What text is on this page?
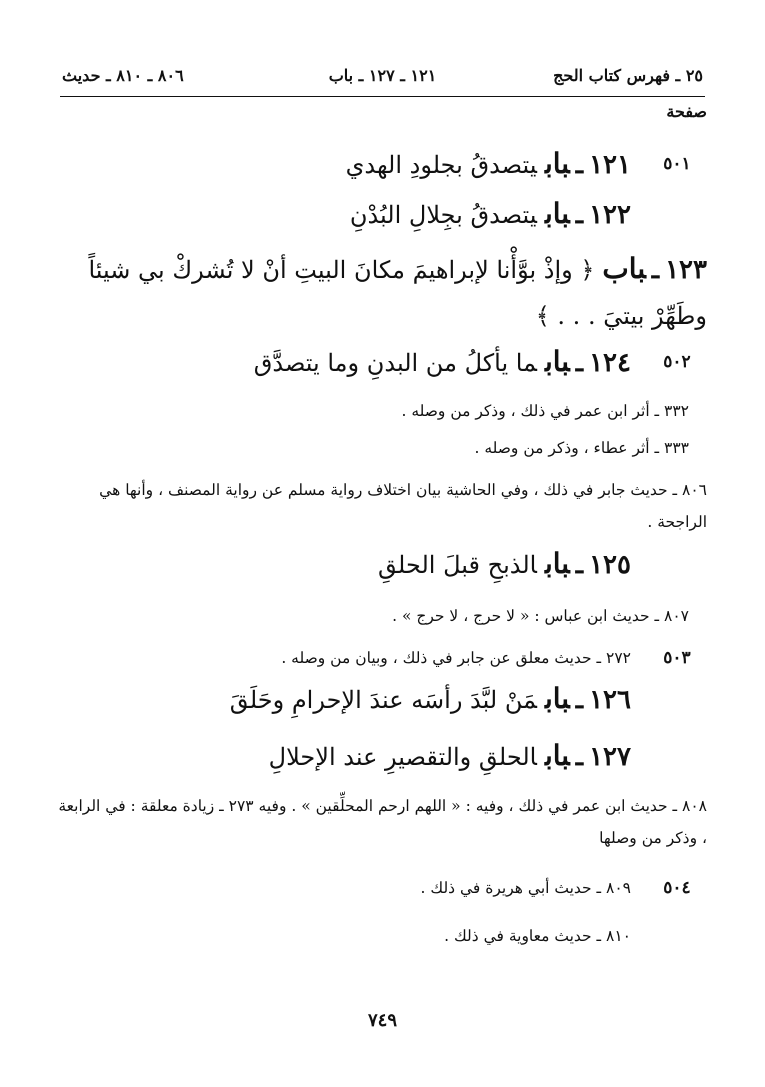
٢٥ ـ فهرس كتاب الحج
١٢١ ـ ١٢٧ ـ باب
٨٠٦ ـ ٨١٠ ـ حديث
صفحة
٥٠١
١٢١ـبابيتصدقُ بجلودِ الهدي
١٢٢ـبابيتصدقُ بجِلالِ البُدْنِ
١٢٣ـباب﴿ وإذْ بوَّأْنا لإبراهيمَ مكانَ البيتِ أنْ لا تُشركْ بي شيئاً وطَهِّرْ بيتيَ . . . ﴾
٥٠٢
١٢٤ـبابما يأكلُ من البدنِ وما يتصدَّق
٣٣٢ ـ أثر ابن عمر في ذلك ، وذكر من وصله .
٣٣٣ ـ أثر عطاء ، وذكر من وصله .
٨٠٦ ـ حديث جابر في ذلك ، وفي الحاشية بيان اختلاف رواية مسلم عن رواية المصنف ، وأنها هي الراجحة .
١٢٥ـبابالذبحِ قبلَ الحلقِ
٨٠٧ ـ حديث ابن عباس : « لا حرج ، لا حرج » .
٥٠٣
٢٧٢ ـ حديث معلق عن جابر في ذلك ، وبيان من وصله .
١٢٦ـبابمَنْ لبَّدَ رأسَه عندَ الإحرامِ وحَلَقَ
١٢٧ـبابالحلقِ والتقصيرِ عند الإحلالِ
٨٠٨ ـ حديث ابن عمر في ذلك ، وفيه : « اللهم ارحم المحلِّقين » . وفيه ٢٧٣ ـ زيادة معلقة : في الرابعة ، وذكر من وصلها
٥٠٤
٨٠٩ ـ حديث أبي هريرة في ذلك .
٨١٠ ـ حديث معاوية في ذلك .
٧٤٩
